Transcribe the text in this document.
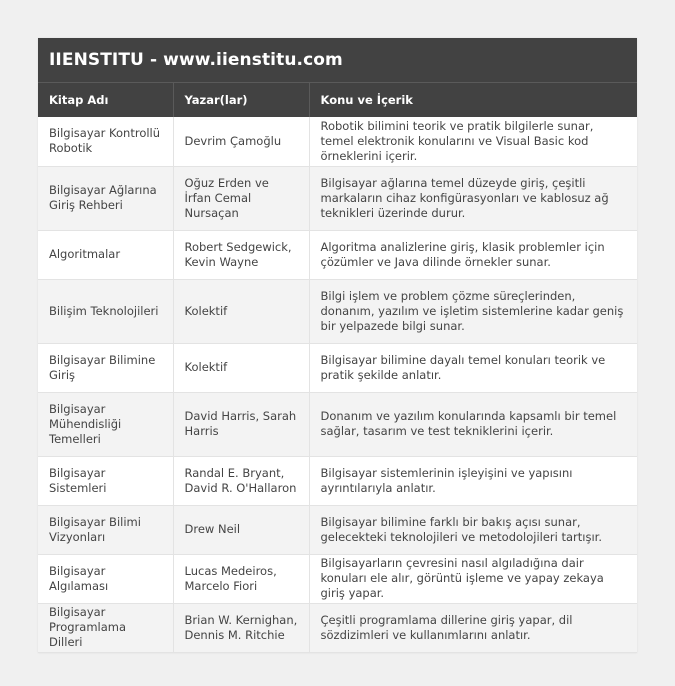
IIENSTITU - www.iienstitu.com
Kitap Adı	Yazar(lar)	Konu ve İçerik
Bilgisayar Kontrollü Robotik	Devrim Çamoğlu	Robotik bilimini teorik ve pratik bilgilerle sunar, temel elektronik konularını ve Visual Basic kod örneklerini içerir.
Bilgisayar Ağlarına Giriş Rehberi	Oğuz Erden ve İrfan Cemal Nursaçan	Bilgisayar ağlarına temel düzeyde giriş, çeşitli markaların cihaz konfigürasyonları ve kablosuz ağ teknikleri üzerinde durur.
Algoritmalar	Robert Sedgewick, Kevin Wayne	Algoritma analizlerine giriş, klasik problemler için çözümler ve Java dilinde örnekler sunar.
Bilişim Teknolojileri	Kolektif	Bilgi işlem ve problem çözme süreçlerinden, donanım, yazılım ve işletim sistemlerine kadar geniş bir yelpazede bilgi sunar.
Bilgisayar Bilimine Giriş	Kolektif	Bilgisayar bilimine dayalı temel konuları teorik ve pratik şekilde anlatır.
Bilgisayar Mühendisliği Temelleri	David Harris, Sarah Harris	Donanım ve yazılım konularında kapsamlı bir temel sağlar, tasarım ve test tekniklerini içerir.
Bilgisayar Sistemleri	Randal E. Bryant, David R. O'Hallaron	Bilgisayar sistemlerinin işleyişini ve yapısını ayrıntılarıyla anlatır.
Bilgisayar Bilimi Vizyonları	Drew Neil	Bilgisayar bilimine farklı bir bakış açısı sunar, gelecekteki teknolojileri ve metodolojileri tartışır.
Bilgisayar Algılaması	Lucas Medeiros, Marcelo Fiori	Bilgisayarların çevresini nasıl algıladığına dair konuları ele alır, görüntü işleme ve yapay zekaya giriş yapar.
Bilgisayar Programlama Dilleri	Brian W. Kernighan, Dennis M. Ritchie	Çeşitli programlama dillerine giriş yapar, dil sözdizimleri ve kullanımlarını anlatır.
